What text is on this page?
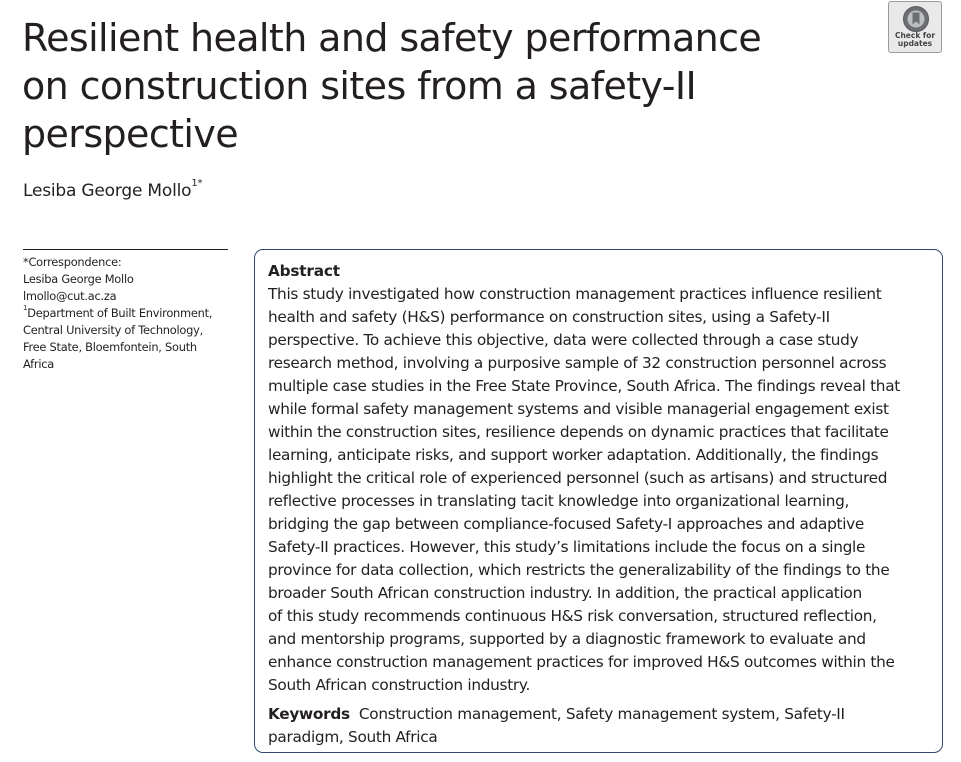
Resilient health and safety performance
on construction sites from a safety-II
perspective
Lesiba George Mollo$^{1*}$
Check for
updates
*Correspondence:
Lesiba George Mollo
lmollo@cut.ac.za
$^1$Department of Built Environment,
Central University of Technology,
Free State, Bloemfontein, South
Africa
Abstract
This study investigated how construction management practices influence resilient
health and safety (H&S) performance on construction sites, using a Safety-II
perspective. To achieve this objective, data were collected through a case study
research method, involving a purposive sample of 32 construction personnel across
multiple case studies in the Free State Province, South Africa. The findings reveal that
while formal safety management systems and visible managerial engagement exist
within the construction sites, resilience depends on dynamic practices that facilitate
learning, anticipate risks, and support worker adaptation. Additionally, the findings
highlight the critical role of experienced personnel (such as artisans) and structured
reflective processes in translating tacit knowledge into organizational learning,
bridging the gap between compliance-focused Safety-I approaches and adaptive
Safety-II practices. However, this study’s limitations include the focus on a single
province for data collection, which restricts the generalizability of the findings to the
broader South African construction industry. In addition, the practical application
of this study recommends continuous H&S risk conversation, structured reflection,
and mentorship programs, supported by a diagnostic framework to evaluate and
enhance construction management practices for improved H&S outcomes within the
South African construction industry.
Keywords Construction management, Safety management system, Safety-II
paradigm, South Africa
